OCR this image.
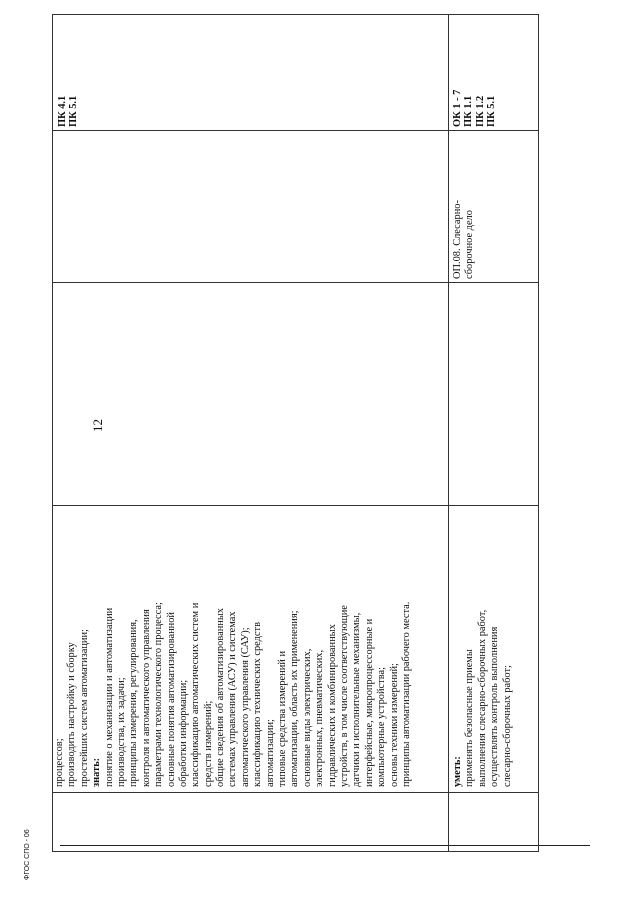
12
ФГОС СПО - 06
процессов; производить настройку и сборку простейших систем автоматизации; знать: понятие о механизации и автоматизации производства, их задачи; принципы измерения, регулирования, контроля и автоматического управления параметрами технологического процесса; основные понятия автоматизированной обработки информации; классификацию автоматических систем и средств измерений; общие сведения об автоматизированных системах управления (АСУ) и системах автоматического управления (САУ); классификацию технических средств автоматизации; типовые средства измерений и автоматизации, область их применения; основные виды электрических, электронных, пневматических, гидравлических и комбинированных устройств, в том числе соответствующие датчики и исполнительные механизмы, интерфейсные, микропроцессорные и компьютерные устройства; основы техники измерений; принципы автоматизации рабочего места.
ПК 4.1 ПК 5.1
уметь: применять безопасные приемы выполнения слесарно-сборочных работ, осуществлять контроль выполнения слесарно-сборочных работ;
ОП.08. Слесарно- сборочное дело
ОК 1 - 7 ПК 1.1 ПК 1.2 ПК 5.1
